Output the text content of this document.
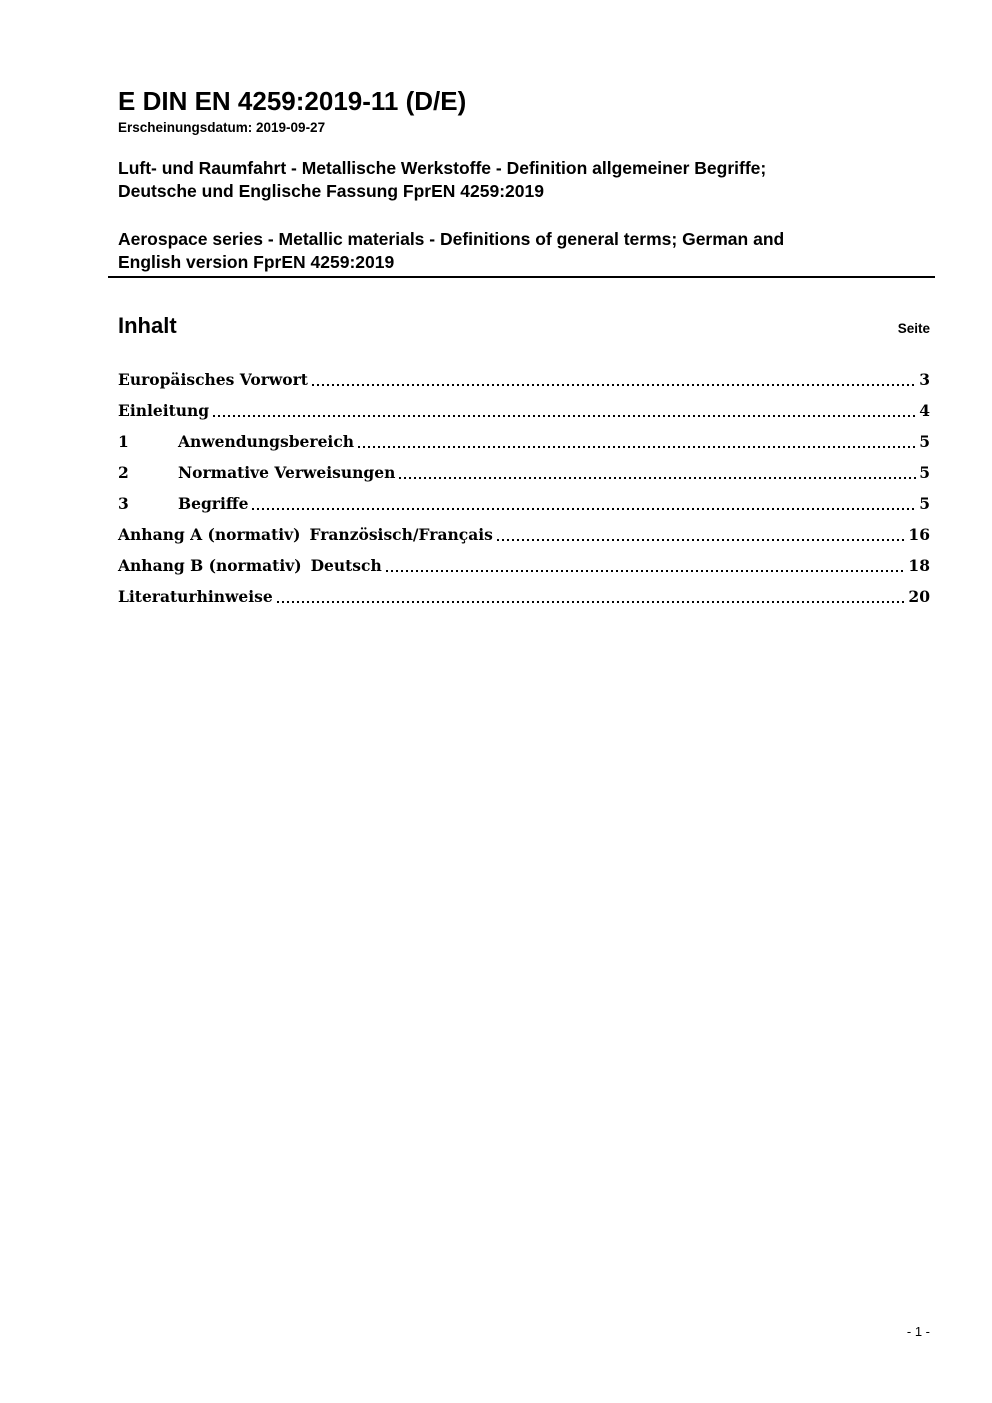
E DIN EN 4259:2019-11 (D/E)
Erscheinungsdatum: 2019-09-27
Luft- und Raumfahrt - Metallische Werkstoffe - Definition allgemeiner Begriffe;
Deutsche und Englische Fassung FprEN 4259:2019
Aerospace series - Metallic materials - Definitions of general terms; German and
English version FprEN 4259:2019
Inhalt	Seite
Europäisches Vorwort	3
Einleitung	4
1	Anwendungsbereich	5
2	Normative Verweisungen	5
3	Begriffe	5
Anhang A (normativ) Französisch/Français	16
Anhang B (normativ) Deutsch	18
Literaturhinweise	20
- 1 -
